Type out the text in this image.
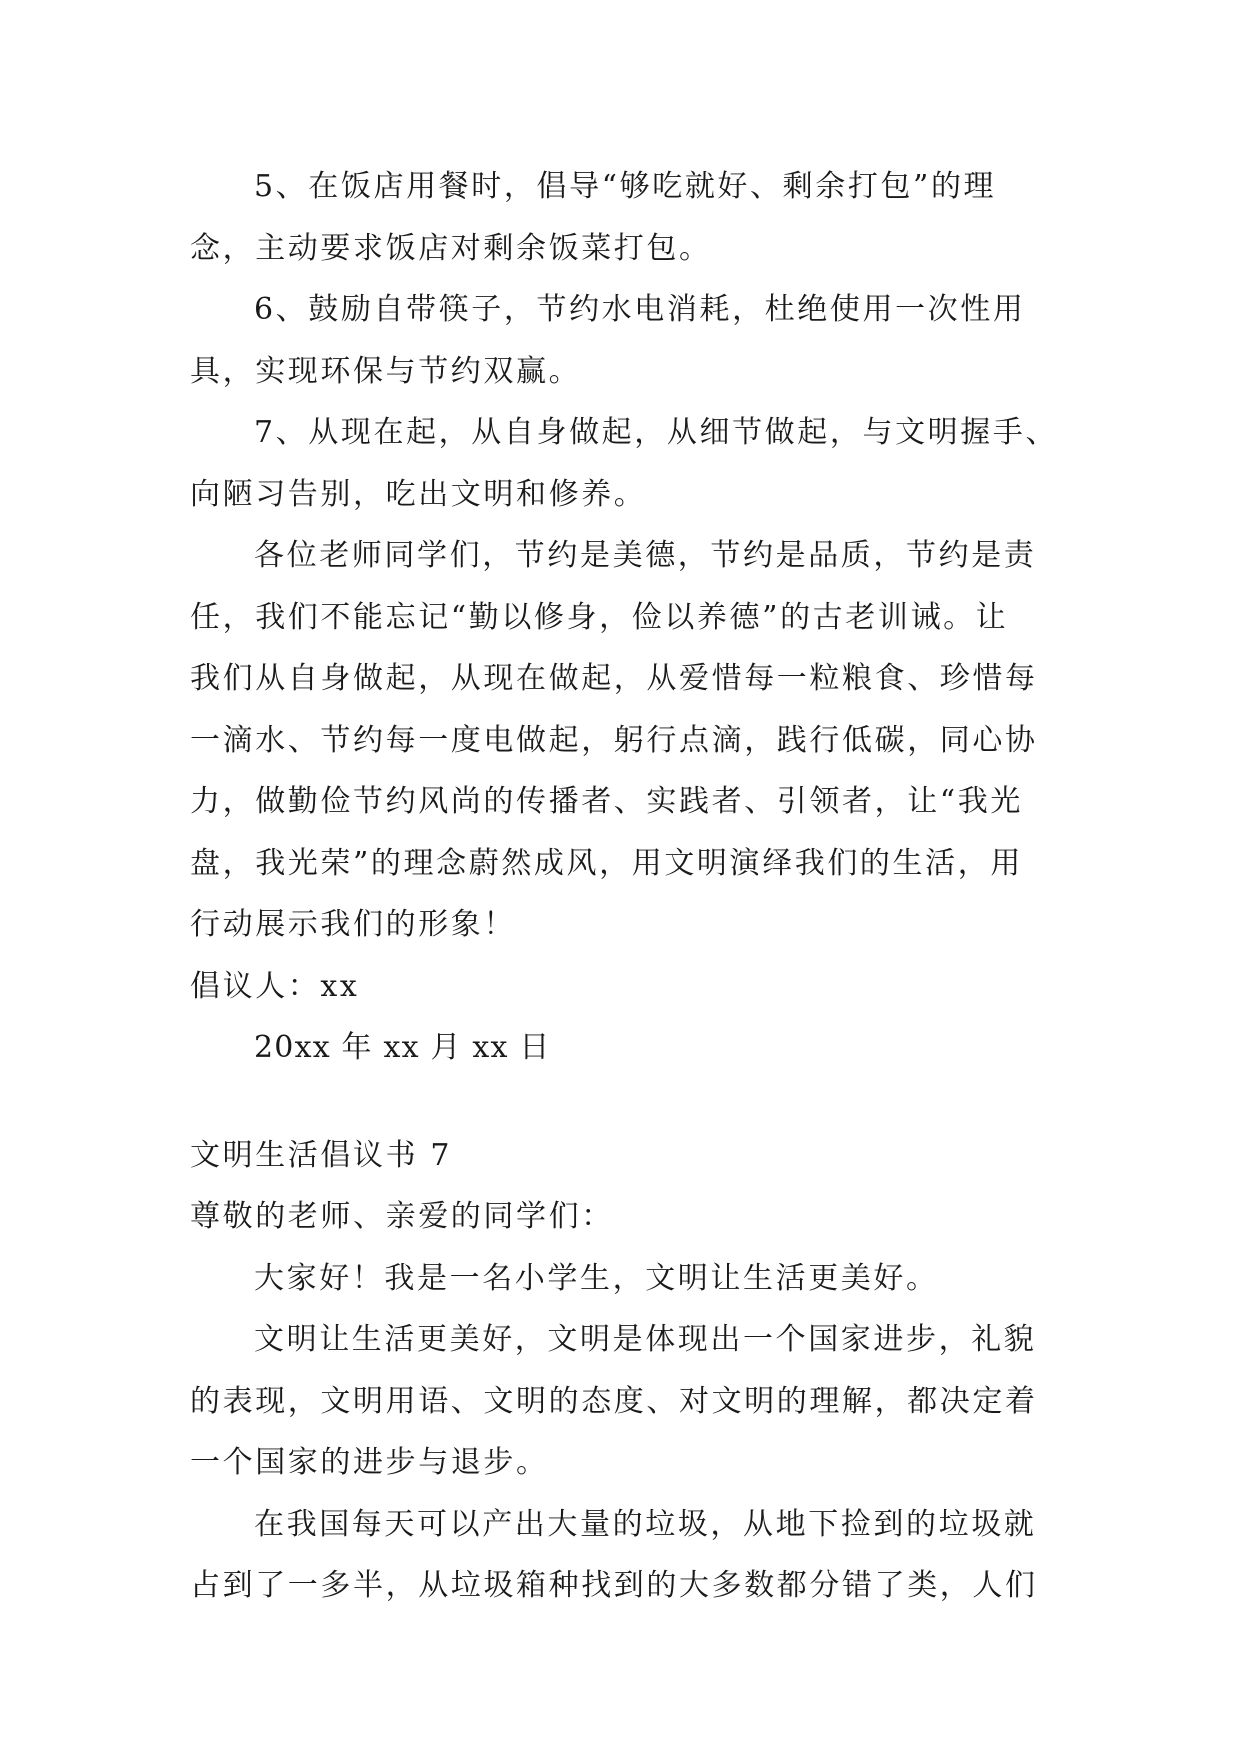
5、在饭店用餐时，倡导“够吃就好、剩余打包”的理
念，主动要求饭店对剩余饭菜打包。
6、鼓励自带筷子，节约水电消耗，杜绝使用一次性用
具，实现环保与节约双赢。
7、从现在起，从自身做起，从细节做起，与文明握手、
向陋习告别，吃出文明和修养。
各位老师同学们，节约是美德，节约是品质，节约是责
任，我们不能忘记“勤以修身，俭以养德”的古老训诫。让
我们从自身做起，从现在做起，从爱惜每一粒粮食、珍惜每
一滴水、节约每一度电做起，躬行点滴，践行低碳，同心协
力，做勤俭节约风尚的传播者、实践者、引领者，让“我光
盘，我光荣”的理念蔚然成风，用文明演绎我们的生活，用
行动展示我们的形象！
倡议人：xx
20xx 年 xx 月 xx 日
文明生活倡议书 7
尊敬的老师、亲爱的同学们：
大家好！我是一名小学生，文明让生活更美好。
文明让生活更美好，文明是体现出一个国家进步，礼貌
的表现，文明用语、文明的态度、对文明的理解，都决定着
一个国家的进步与退步。
在我国每天可以产出大量的垃圾，从地下捡到的垃圾就
占到了一多半，从垃圾箱种找到的大多数都分错了类，人们
